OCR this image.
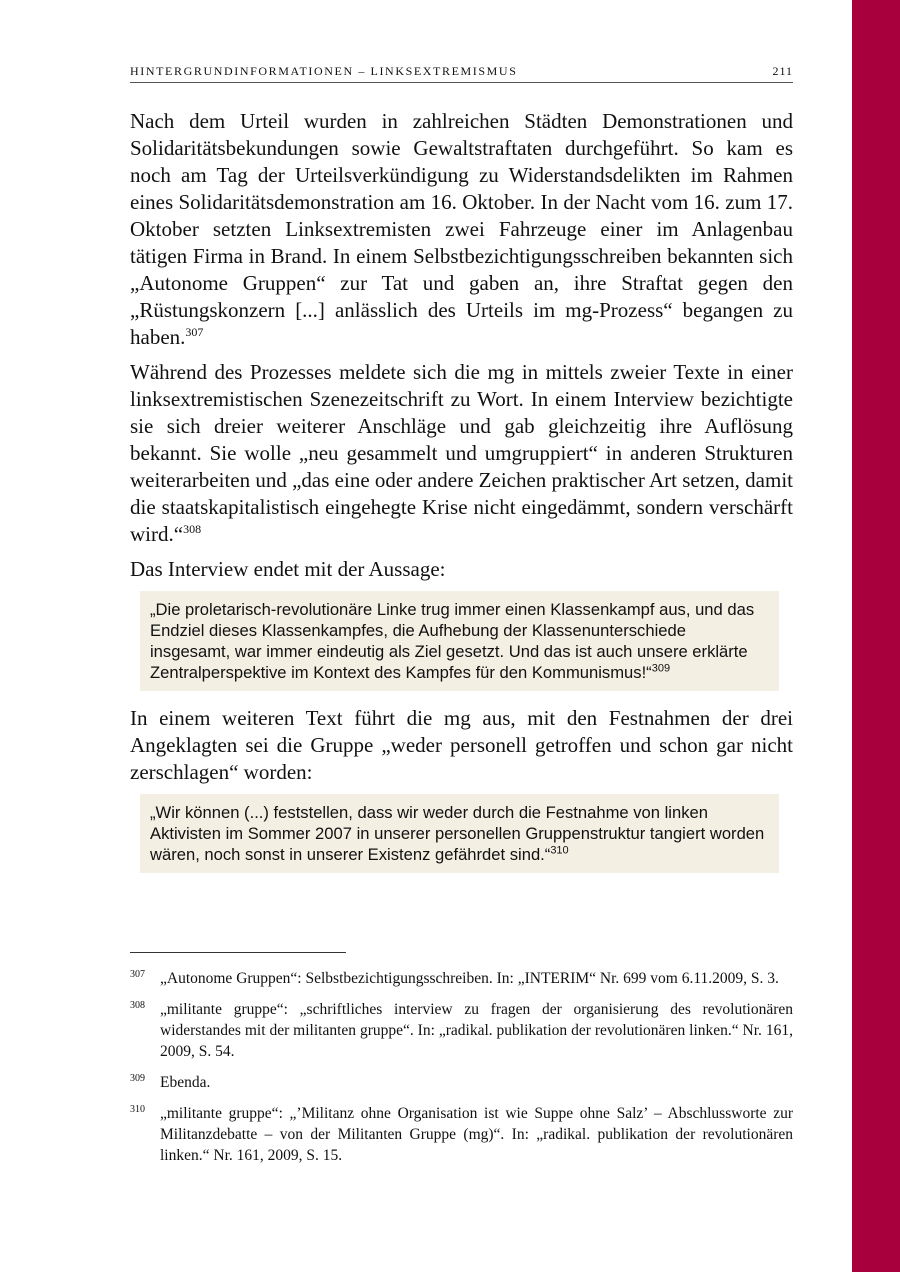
HINTERGRUNDINFORMATIONEN – LINKSEXTREMISMUS	211

Nach dem Urteil wurden in zahlreichen Städten Demonstrationen und Solidaritätsbekundungen sowie Gewaltstraftaten durchgeführt. So kam es noch am Tag der Urteilsverkündigung zu Widerstandsdelikten im Rahmen eines Solidaritätsdemonstration am 16. Oktober. In der Nacht vom 16. zum 17. Oktober setzten Linksextremisten zwei Fahrzeuge einer im Anlagenbau tätigen Firma in Brand. In einem Selbstbezichtigungsschreiben bekannten sich „Autonome Gruppen“ zur Tat und gaben an, ihre Straftat gegen den „Rüstungskonzern [...] anlässlich des Urteils im mg-Prozess“ begangen zu haben.$^{307}$

Während des Prozesses meldete sich die mg in mittels zweier Texte in einer linksextremistischen Szenezeitschrift zu Wort. In einem Interview bezichtigte sie sich dreier weiterer Anschläge und gab gleichzeitig ihre Auflösung bekannt. Sie wolle „neu gesammelt und umgruppiert“ in anderen Strukturen weiterarbeiten und „das eine oder andere Zeichen praktischer Art setzen, damit die staatskapitalistisch eingehegte Krise nicht eingedämmt, sondern verschärft wird.“$^{308}$

Das Interview endet mit der Aussage:

„Die proletarisch-revolutionäre Linke trug immer einen Klassenkampf aus, und das Endziel dieses Klassenkampfes, die Aufhebung der Klassenunterschiede insgesamt, war immer eindeutig als Ziel gesetzt. Und das ist auch unsere erklärte Zentralperspektive im Kontext des Kampfes für den Kommunismus!“$^{309}$

In einem weiteren Text führt die mg aus, mit den Festnahmen der drei Angeklagten sei die Gruppe „weder personell getroffen und schon gar nicht zerschlagen“ worden:

„Wir können (...) feststellen, dass wir weder durch die Festnahme von linken Aktivisten im Sommer 2007 in unserer personellen Gruppenstruktur tangiert worden wären, noch sonst in unserer Existenz gefährdet sind.“$^{310}$
307 „Autonome Gruppen“: Selbstbezichtigungsschreiben. In: „INTERIM“ Nr. 699 vom 6.11.2009, S. 3.
308 „militante gruppe“: „schriftliches interview zu fragen der organisierung des revolutionären widerstandes mit der militanten gruppe“. In: „radikal. publikation der revolutionären linken.“ Nr. 161, 2009, S. 54.
309 Ebenda.
310 „militante gruppe“: „’Militanz ohne Organisation ist wie Suppe ohne Salz’ – Abschlussworte zur Militanzdebatte – von der Militanten Gruppe (mg)“. In: „radikal. publikation der revolutionären linken.“ Nr. 161, 2009, S. 15.
